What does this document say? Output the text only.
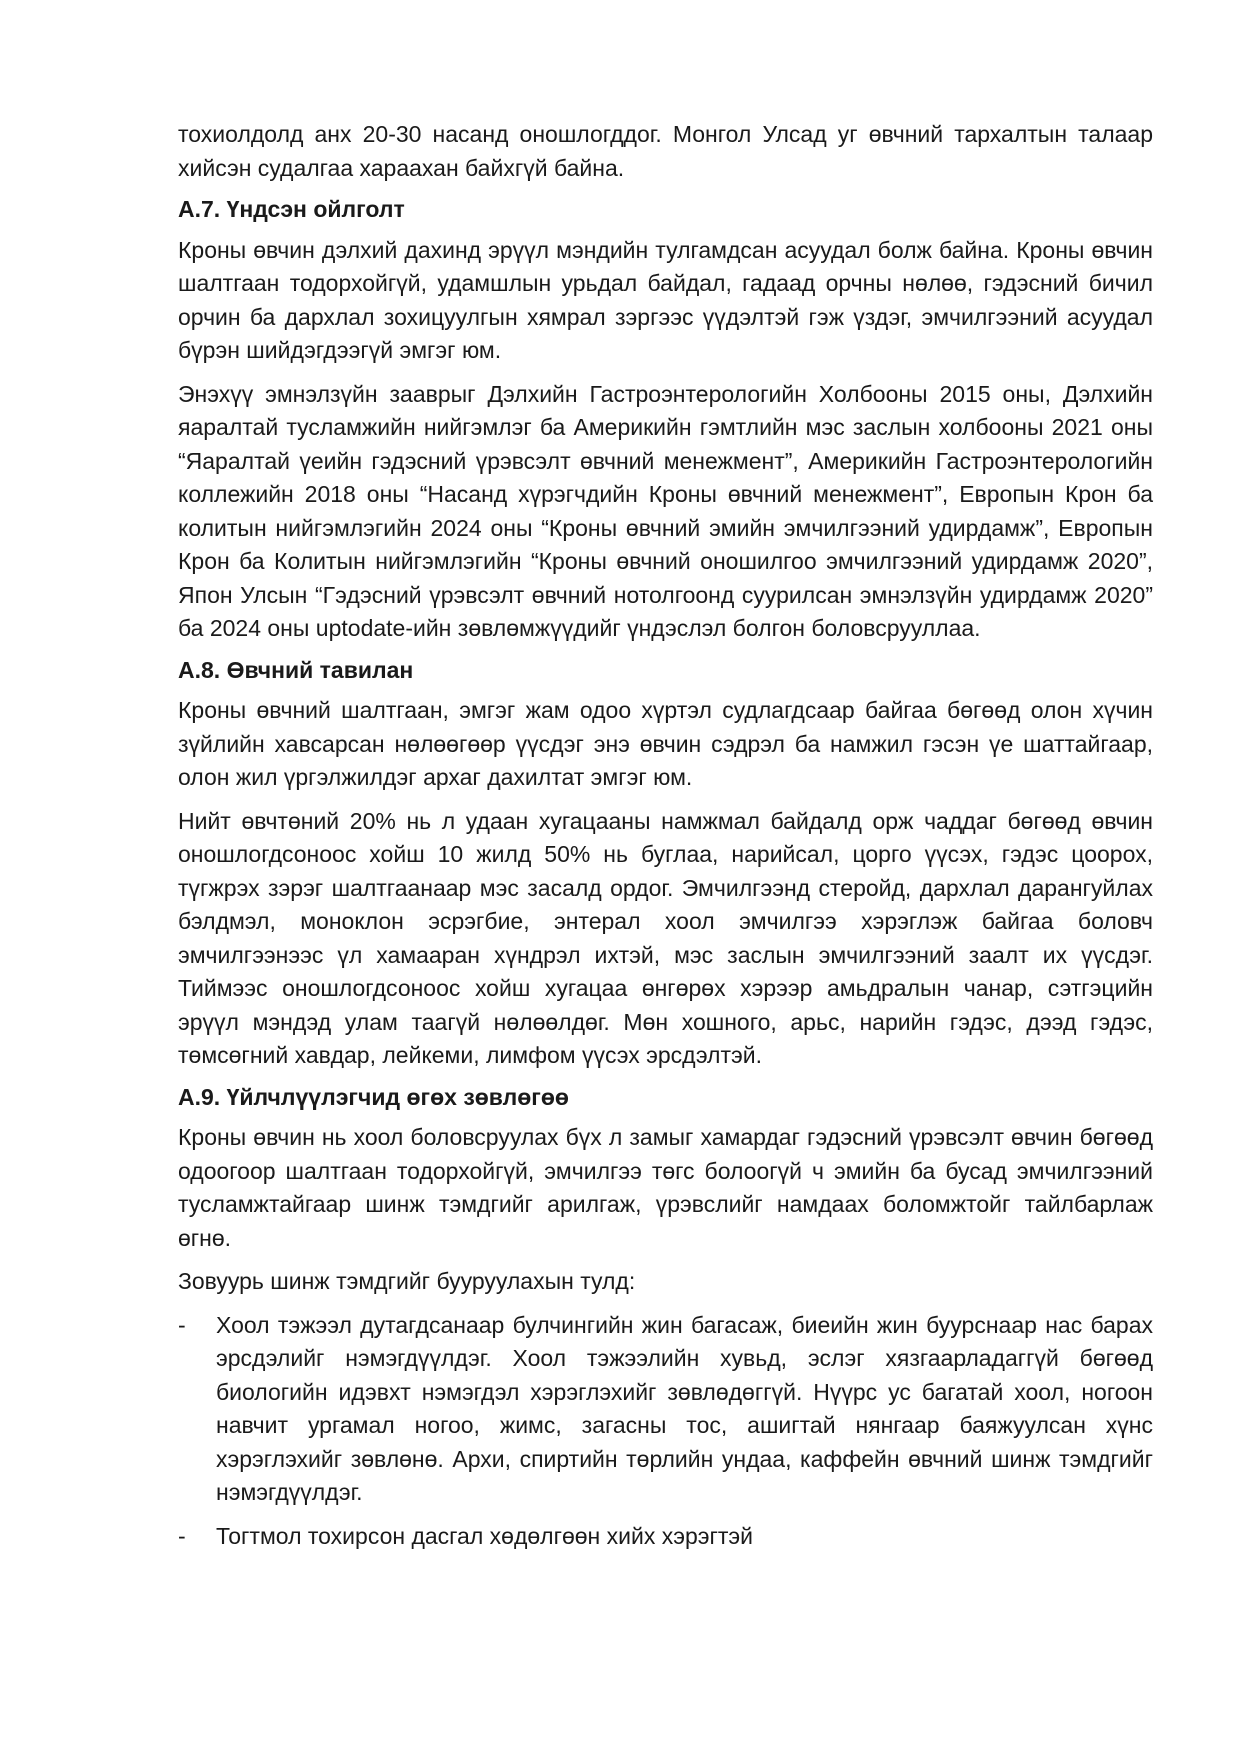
тохиолдолд анх 20-30 насанд оношлогддог. Монгол Улсад уг өвчний тархалтын талаар хийсэн судалгаа хараахан байхгүй байна.

А.7. Үндсэн ойлголт

Кроны өвчин дэлхий дахинд эрүүл мэндийн тулгамдсан асуудал болж байна. Кроны өвчин шалтгаан тодорхойгүй, удамшлын урьдал байдал, гадаад орчны нөлөө, гэдэсний бичил орчин ба дархлал зохицуулгын хямрал зэргээс үүдэлтэй гэж үздэг, эмчилгээний асуудал бүрэн шийдэгдээгүй эмгэг юм.

Энэхүү эмнэлзүйн зааврыг Дэлхийн Гастроэнтерологийн Холбооны 2015 оны, Дэлхийн яаралтай тусламжийн нийгэмлэг ба Америкийн гэмтлийн мэс заслын холбооны 2021 оны “Яаралтай үеийн гэдэсний үрэвсэлт өвчний менежмент”, Америкийн Гастроэнтерологийн коллежийн 2018 оны “Насанд хүрэгчдийн Кроны өвчний менежмент”, Европын Крон ба колитын нийгэмлэгийн 2024 оны “Кроны өвчний эмийн эмчилгээний удирдамж”, Европын Крон ба Колитын нийгэмлэгийн “Кроны өвчний оношилгоо эмчилгээний удирдамж 2020”, Япон Улсын “Гэдэсний үрэвсэлт өвчний нотолгоонд суурилсан эмнэлзүйн удирдамж 2020” ба 2024 оны uptodate-ийн зөвлөмжүүдийг үндэслэл болгон боловсрууллаа.

А.8. Өвчний тавилан

Кроны өвчний шалтгаан, эмгэг жам одоо хүртэл судлагдсаар байгаа бөгөөд олон хүчин зүйлийн хавсарсан нөлөөгөөр үүсдэг энэ өвчин сэдрэл ба намжил гэсэн үе шаттайгаар, олон жил үргэлжилдэг архаг дахилтат эмгэг юм.

Нийт өвчтөний 20% нь л удаан хугацааны намжмал байдалд орж чаддаг бөгөөд өвчин оношлогдсоноос хойш 10 жилд 50% нь буглаа, нарийсал, цорго үүсэх, гэдэс цоорох, түгжрэх зэрэг шалтгаанаар мэс засалд ордог. Эмчилгээнд стеройд, дархлал дарангуйлах бэлдмэл, моноклон эсрэгбие, энтерал хоол эмчилгээ хэрэглэж байгаа боловч эмчилгээнээс үл хамааран хүндрэл ихтэй, мэс заслын эмчилгээний заалт их үүсдэг. Тиймээс оношлогдсоноос хойш хугацаа өнгөрөх хэрээр амьдралын чанар, сэтгэцийн эрүүл мэндэд улам таагүй нөлөөлдөг. Мөн хошного, арьс, нарийн гэдэс, дээд гэдэс, төмсөгний хавдар, лейкеми, лимфом үүсэх эрсдэлтэй.

А.9. Үйлчлүүлэгчид өгөх зөвлөгөө

Кроны өвчин нь хоол боловсруулах бүх л замыг хамардаг гэдэсний үрэвсэлт өвчин бөгөөд одоогоор шалтгаан тодорхойгүй, эмчилгээ төгс болоогүй ч эмийн ба бусад эмчилгээний тусламжтайгаар шинж тэмдгийг арилгаж, үрэвслийг намдаах боломжтойг тайлбарлаж өгнө.

Зовуурь шинж тэмдгийг бууруулахын тулд:

- Хоол тэжээл дутагдсанаар булчингийн жин багасаж, биеийн жин буурснаар нас барах эрсдэлийг нэмэгдүүлдэг. Хоол тэжээлийн хувьд, эслэг хязгаарладаггүй бөгөөд биологийн идэвхт нэмэгдэл хэрэглэхийг зөвлөдөггүй. Нүүрс ус багатай хоол, ногоон навчит ургамал ногоо, жимс, загасны тос, ашигтай нянгаар баяжуулсан хүнс хэрэглэхийг зөвлөнө. Архи, спиртийн төрлийн ундаа, каффейн өвчний шинж тэмдгийг нэмэгдүүлдэг.

- Тогтмол тохирсон дасгал хөдөлгөөн хийх хэрэгтэй
